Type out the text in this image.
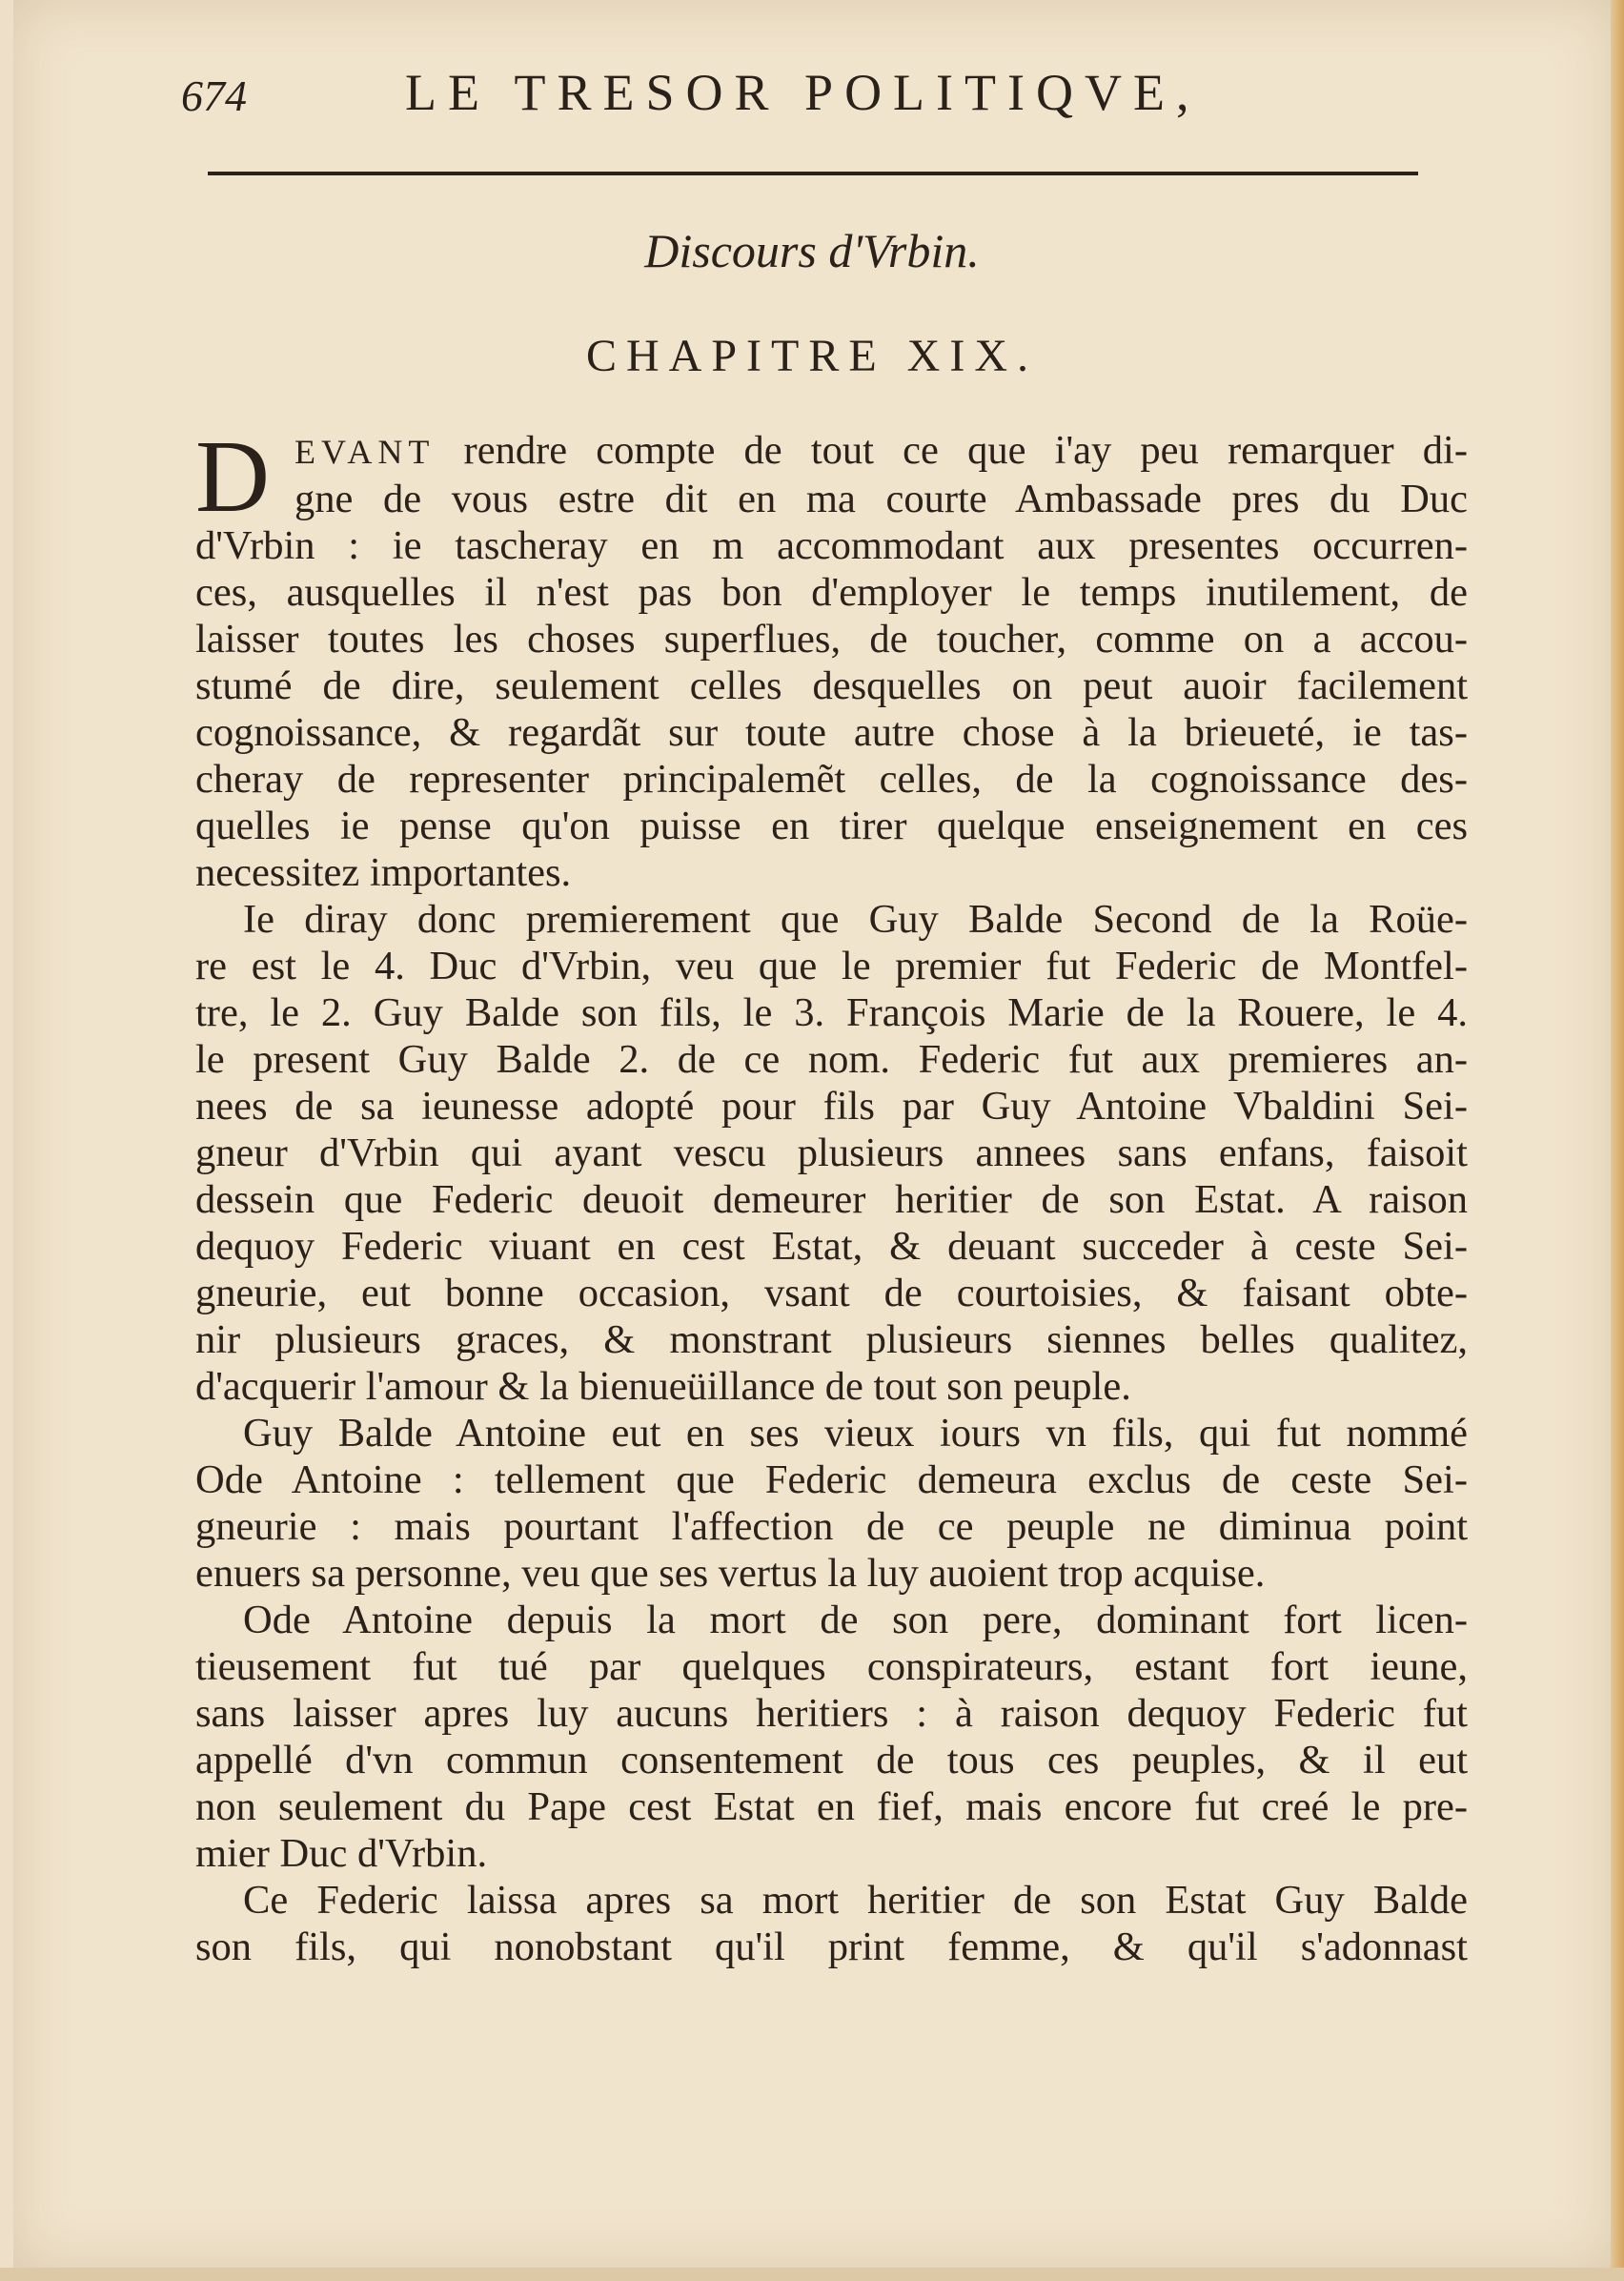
674	LE TRESOR POLITIQVE,
Discours d'Vrbin.
CHAPITRE XIX.
D EVANT rendre compte de tout ce que i'ay peu remarquer di-

gne de vous estre dit en ma courte Ambassade pres du Duc

d'Vrbin : ie tascheray en m accommodant aux presentes occurren-

ces, ausquelles il n'est pas bon d'employer le temps inutilement, de

laisser toutes les choses superflues, de toucher, comme on a accou-

stumé de dire, seulement celles desquelles on peut auoir facilement

cognoissance, & regardãt sur toute autre chose à la brieueté, ie tas-

cheray de representer principalemẽt celles, de la cognoissance des-

quelles ie pense qu'on puisse en tirer quelque enseignement en ces

necessitez importantes.

Ie diray donc premierement que Guy Balde Second de la Roüe-

re est le 4. Duc d'Vrbin, veu que le premier fut Federic de Montfel-

tre, le 2. Guy Balde son fils, le 3. François Marie de la Rouere, le 4.

le present Guy Balde 2. de ce nom. Federic fut aux premieres an-

nees de sa ieunesse adopté pour fils par Guy Antoine Vbaldini Sei-

gneur d'Vrbin qui ayant vescu plusieurs annees sans enfans, faisoit

dessein que Federic deuoit demeurer heritier de son Estat. A raison

dequoy Federic viuant en cest Estat, & deuant succeder à ceste Sei-

gneurie, eut bonne occasion, vsant de courtoisies, & faisant obte-

nir plusieurs graces, & monstrant plusieurs siennes belles qualitez,

d'acquerir l'amour & la bienueüillance de tout son peuple.

Guy Balde Antoine eut en ses vieux iours vn fils, qui fut nommé

Ode Antoine : tellement que Federic demeura exclus de ceste Sei-

gneurie : mais pourtant l'affection de ce peuple ne diminua point

enuers sa personne, veu que ses vertus la luy auoient trop acquise.

Ode Antoine depuis la mort de son pere, dominant fort licen-

tieusement fut tué par quelques conspirateurs, estant fort ieune,

sans laisser apres luy aucuns heritiers : à raison dequoy Federic fut

appellé d'vn commun consentement de tous ces peuples, & il eut

non seulement du Pape cest Estat en fief, mais encore fut creé le pre-

mier Duc d'Vrbin.

Ce Federic laissa apres sa mort heritier de son Estat Guy Balde

son fils, qui nonobstant qu'il print femme, & qu'il s'adonnast
